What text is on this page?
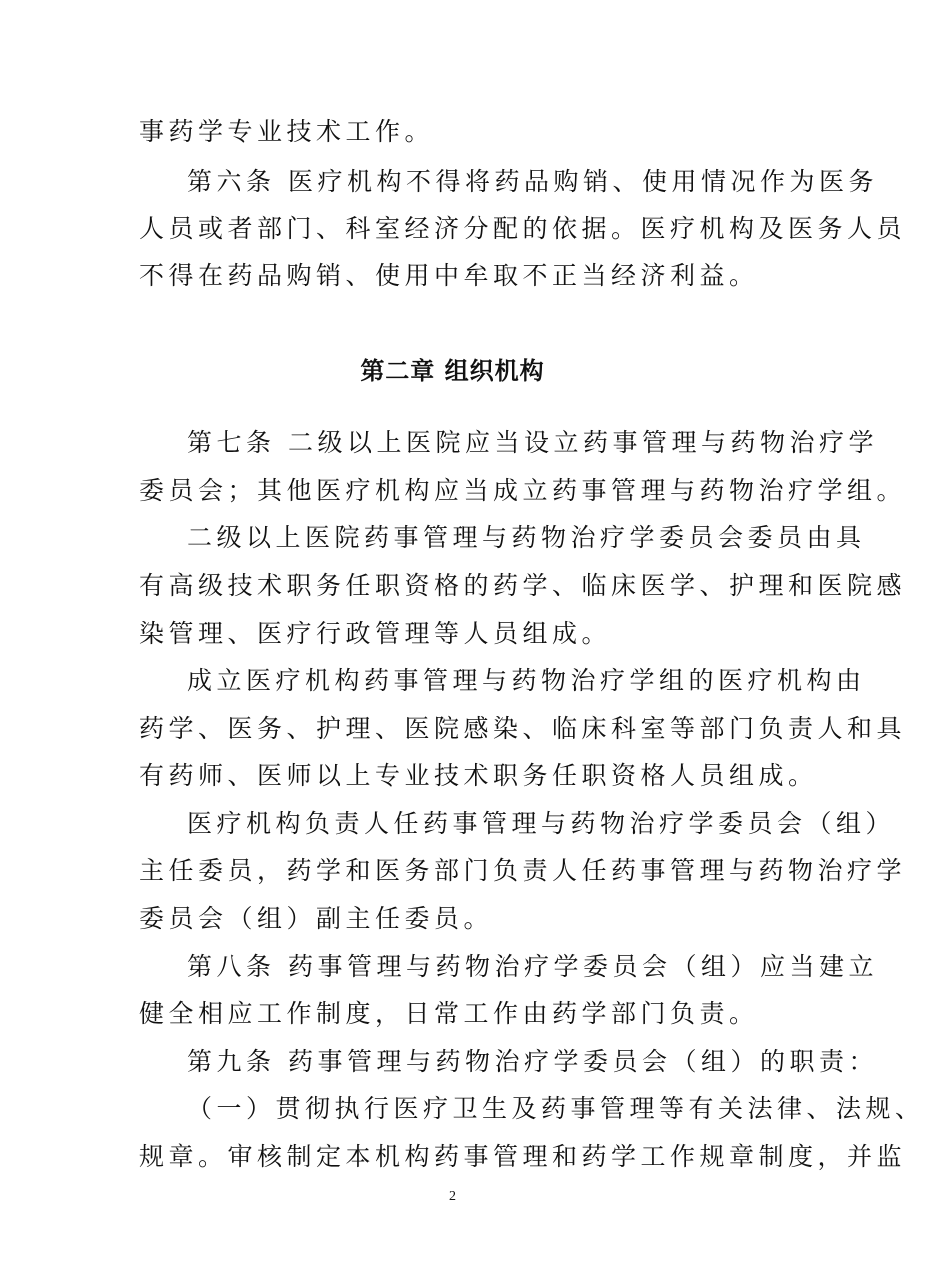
事药学专业技术工作。
第六条 医疗机构不得将药品购销、使用情况作为医务
人员或者部门、科室经济分配的依据。医疗机构及医务人员
不得在药品购销、使用中牟取不正当经济利益。
第二章 组织机构
第七条 二级以上医院应当设立药事管理与药物治疗学
委员会；其他医疗机构应当成立药事管理与药物治疗学组。
二级以上医院药事管理与药物治疗学委员会委员由具
有高级技术职务任职资格的药学、临床医学、护理和医院感
染管理、医疗行政管理等人员组成。
成立医疗机构药事管理与药物治疗学组的医疗机构由
药学、医务、护理、医院感染、临床科室等部门负责人和具
有药师、医师以上专业技术职务任职资格人员组成。
医疗机构负责人任药事管理与药物治疗学委员会（组）
主任委员，药学和医务部门负责人任药事管理与药物治疗学
委员会（组）副主任委员。
第八条 药事管理与药物治疗学委员会（组）应当建立
健全相应工作制度，日常工作由药学部门负责。
第九条 药事管理与药物治疗学委员会（组）的职责：
（一）贯彻执行医疗卫生及药事管理等有关法律、法规、
规章。审核制定本机构药事管理和药学工作规章制度，并监
2
